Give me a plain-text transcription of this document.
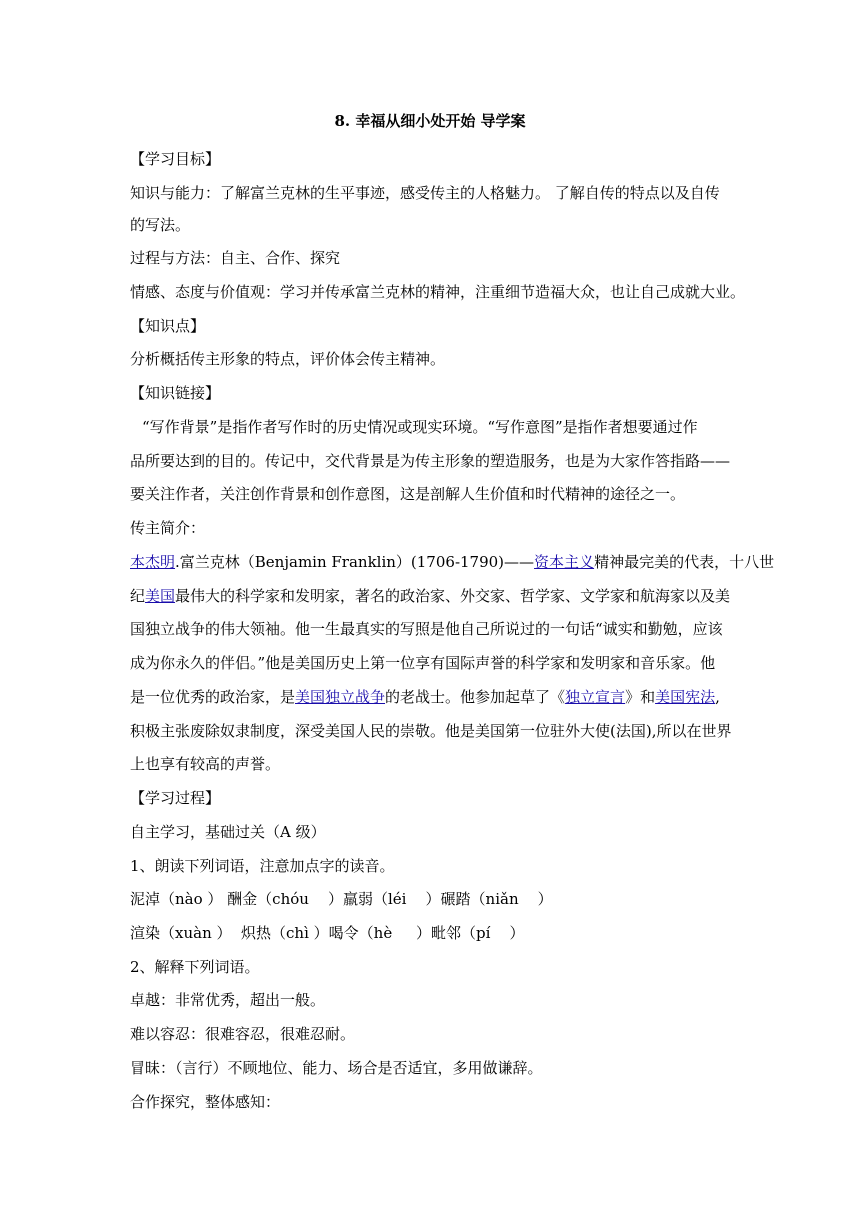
8. 幸福从细小处开始 导学案
【学习目标】
知识与能力：了解富兰克林的生平事迹，感受传主的人格魅力。 了解自传的特点以及自传
的写法。
过程与方法：自主、合作、探究
情感、态度与价值观：学习并传承富兰克林的精神，注重细节造福大众，也让自己成就大业。
【知识点】
分析概括传主形象的特点，评价体会传主精神。
【知识链接】
“写作背景”是指作者写作时的历史情况或现实环境。“写作意图”是指作者想要通过作
品所要达到的目的。传记中，交代背景是为传主形象的塑造服务，也是为大家作答指路——
要关注作者，关注创作背景和创作意图，这是剖解人生价值和时代精神的途径之一。
传主简介：
本杰明.富兰克林（Benjamin Franklin）(1706-1790)——资本主义精神最完美的代表，十八世
纪美国最伟大的科学家和发明家，著名的政治家、外交家、哲学家、文学家和航海家以及美
国独立战争的伟大领袖。他一生最真实的写照是他自己所说过的一句话“诚实和勤勉，应该
成为你永久的伴侣。”他是美国历史上第一位享有国际声誉的科学家和发明家和音乐家。他
是一位优秀的政治家，是美国独立战争的老战士。他参加起草了《独立宣言》和美国宪法,
积极主张废除奴隶制度，深受美国人民的崇敬。他是美国第一位驻外大使(法国),所以在世界
上也享有较高的声誉。
【学习过程】
自主学习，基础过关（A 级）
1、朗读下列词语，注意加点字的读音。
泥淖（nào ） 酬金（chóu    ）羸弱（léi    ）碾踏（niǎn    ）
渲染（xuàn ）  炽热（chì ）喝令（hè     ）毗邻（pí    ）
2、解释下列词语。
卓越：非常优秀，超出一般。
难以容忍：很难容忍，很难忍耐。
冒昧：（言行）不顾地位、能力、场合是否适宜，多用做谦辞。
合作探究，整体感知：
